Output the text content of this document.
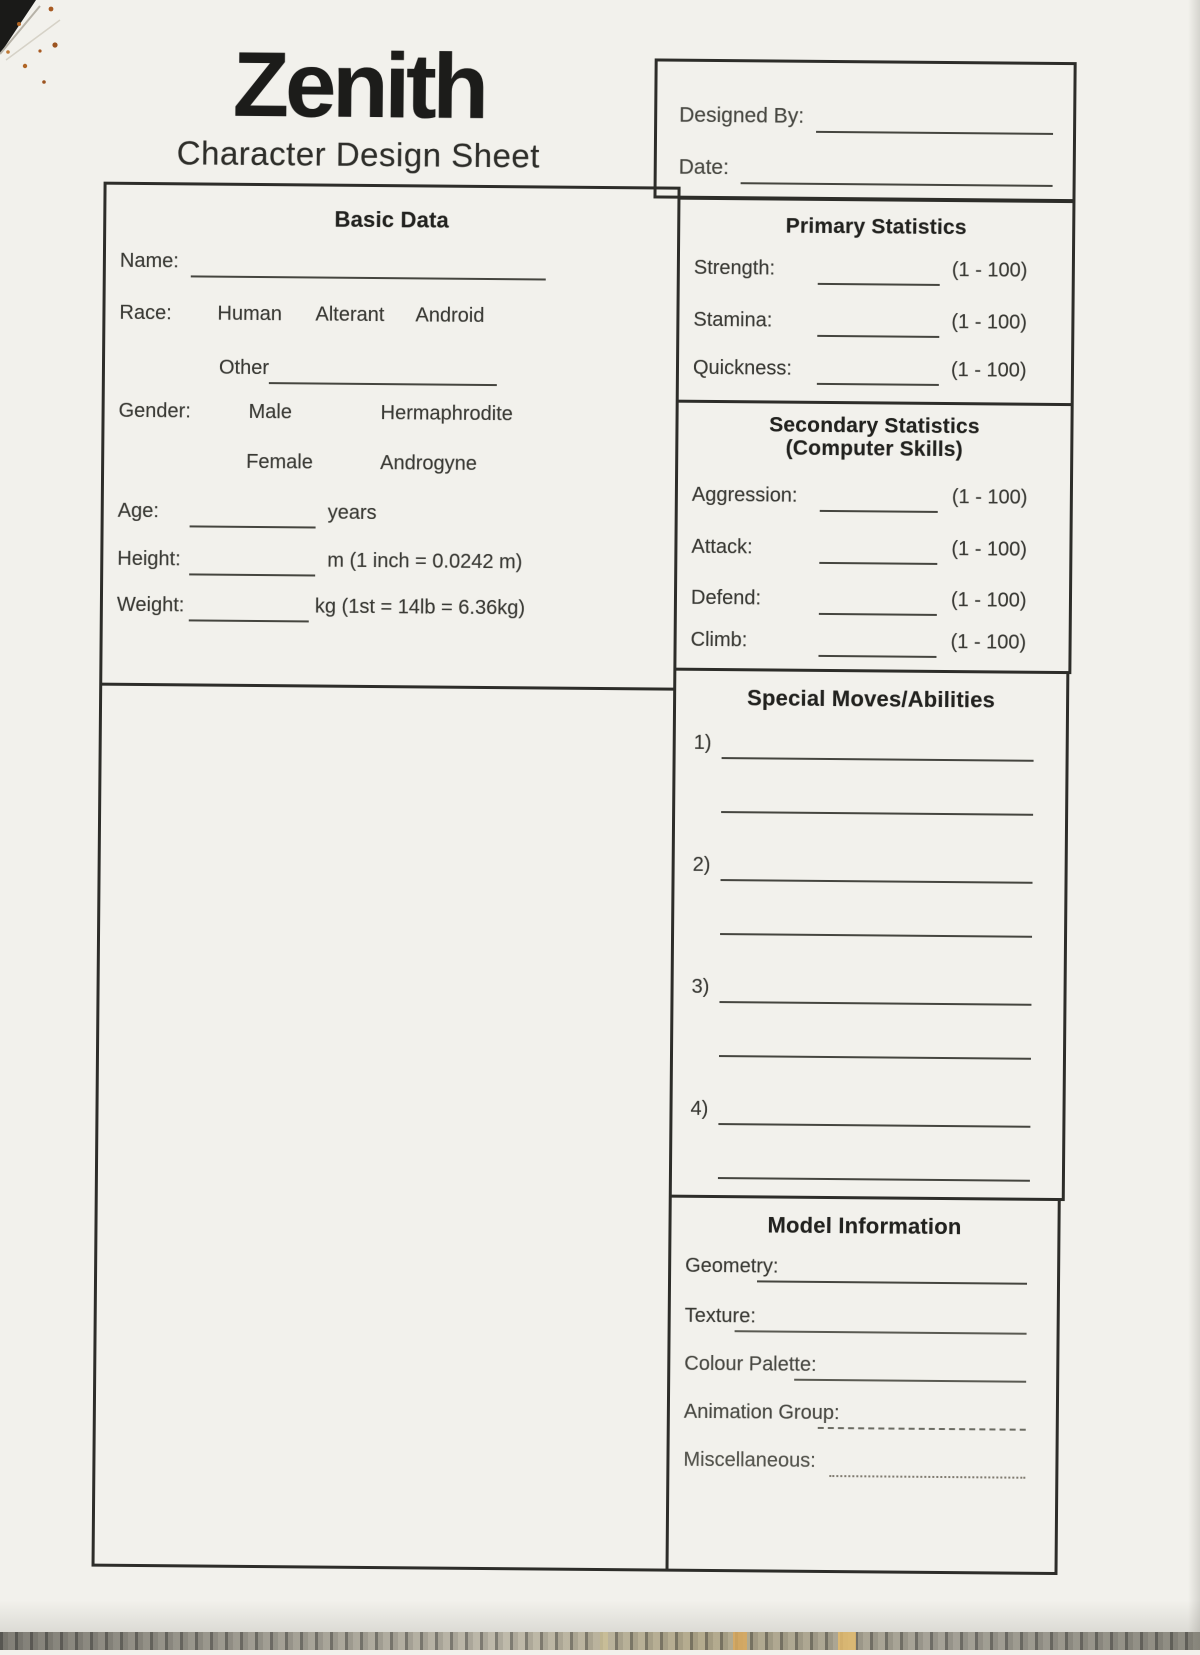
Zenith
Character Design Sheet
Designed By:
Date:
Basic Data
Name:
Race: Human Alterant Android
Other
Gender:	Male	Hermaphrodite
Female	Androgyne
Age:	years
Height:	m (1 inch = 0.0242 m)
Weight:	kg (1st = 14lb = 6.36kg)
Primary Statistics
Strength:	(1 - 100)
Stamina:	(1 - 100)
Quickness:	(1 - 100)
Secondary Statistics
(Computer Skills)
Aggression:	(1 - 100)
Attack:	(1 - 100)
Defend:	(1 - 100)
Climb:	(1 - 100)
Special Moves/Abilities
1)
2)
3)
4)
Model Information
Geometry:
Texture:
Colour Palette:
Animation Group:
Miscellaneous:
